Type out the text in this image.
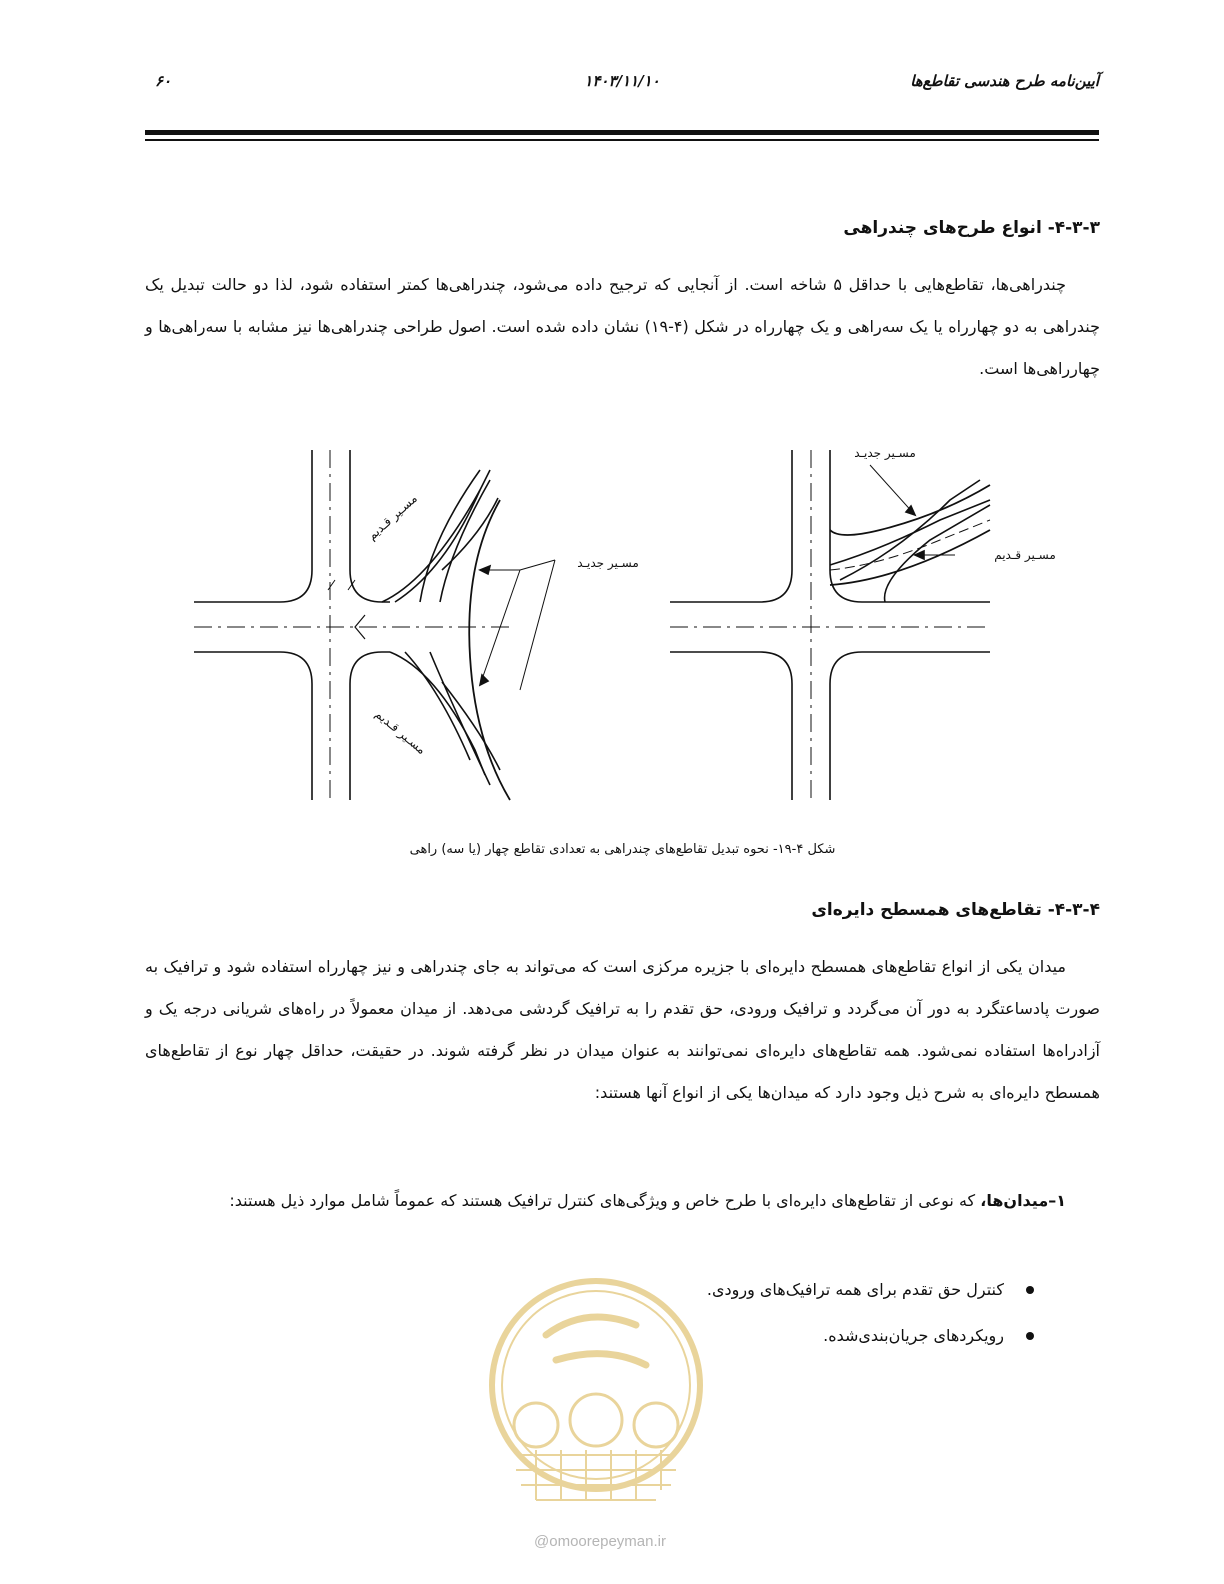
آیین‌نامه طرح هندسی تقاطع‌ها
۱۴۰۳/۱۱/۱۰
۶۰
۴-۳-۳- انواع طرح‌های چندراهی

چندراهی‌ها، تقاطع‌هایی با حداقل ۵ شاخه است. از آنجایی که ترجیح داده می‌شود، چندراهی‌ها کمتر استفاده شود، لذا دو حالت تبدیل یک چندراهی به دو چهارراه یا یک سه‌راهی و یک چهارراه در شکل (۴-۱۹) نشان داده شده است. اصول طراحی چندراهی‌ها نیز مشابه با سه‌راهی‌ها و چهارراهی‌ها است.

مسـیر قـدیم
مسـیر قـدیم
مسـیر جدیـد
مسـیر جدیـد
مسـیر قـدیم
شکل ۴-۱۹- نحوه تبدیل تقاطع‌های چندراهی به تعدادی تقاطع چهار (یا سه) راهی
۴-۳-۴- تقاطع‌های همسطح دایره‌ای

میدان یکی از انواع تقاطع‌های همسطح دایره‌ای با جزیره مرکزی است که می‌تواند به جای چندراهی و نیز چهارراه استفاده شود و ترافیک به صورت پادساعتگرد به دور آن می‌گردد و ترافیک ورودی، حق تقدم را به ترافیک گردشی می‌دهد. از میدان معمولاً در راه‌های شریانی درجه یک و آزادراه‌ها استفاده نمی‌شود. همه تقاطع‌های دایره‌ای نمی‌توانند به عنوان میدان در نظر گرفته شوند. در حقیقت، حداقل چهار نوع از تقاطع‌های همسطح دایره‌ای به شرح ذیل وجود دارد که میدان‌ها یکی از انواع آنها هستند:

۱–میدان‌ها، که نوعی از تقاطع‌های دایره‌ای با طرح خاص و ویژگی‌های کنترل ترافیک هستند که عموماً شامل موارد ذیل هستند:

کنترل حق تقدم برای همه ترافیک‌های ورودی.
رویکردهای جریان‌بندی‌شده.
@omoorepeyman.ir
